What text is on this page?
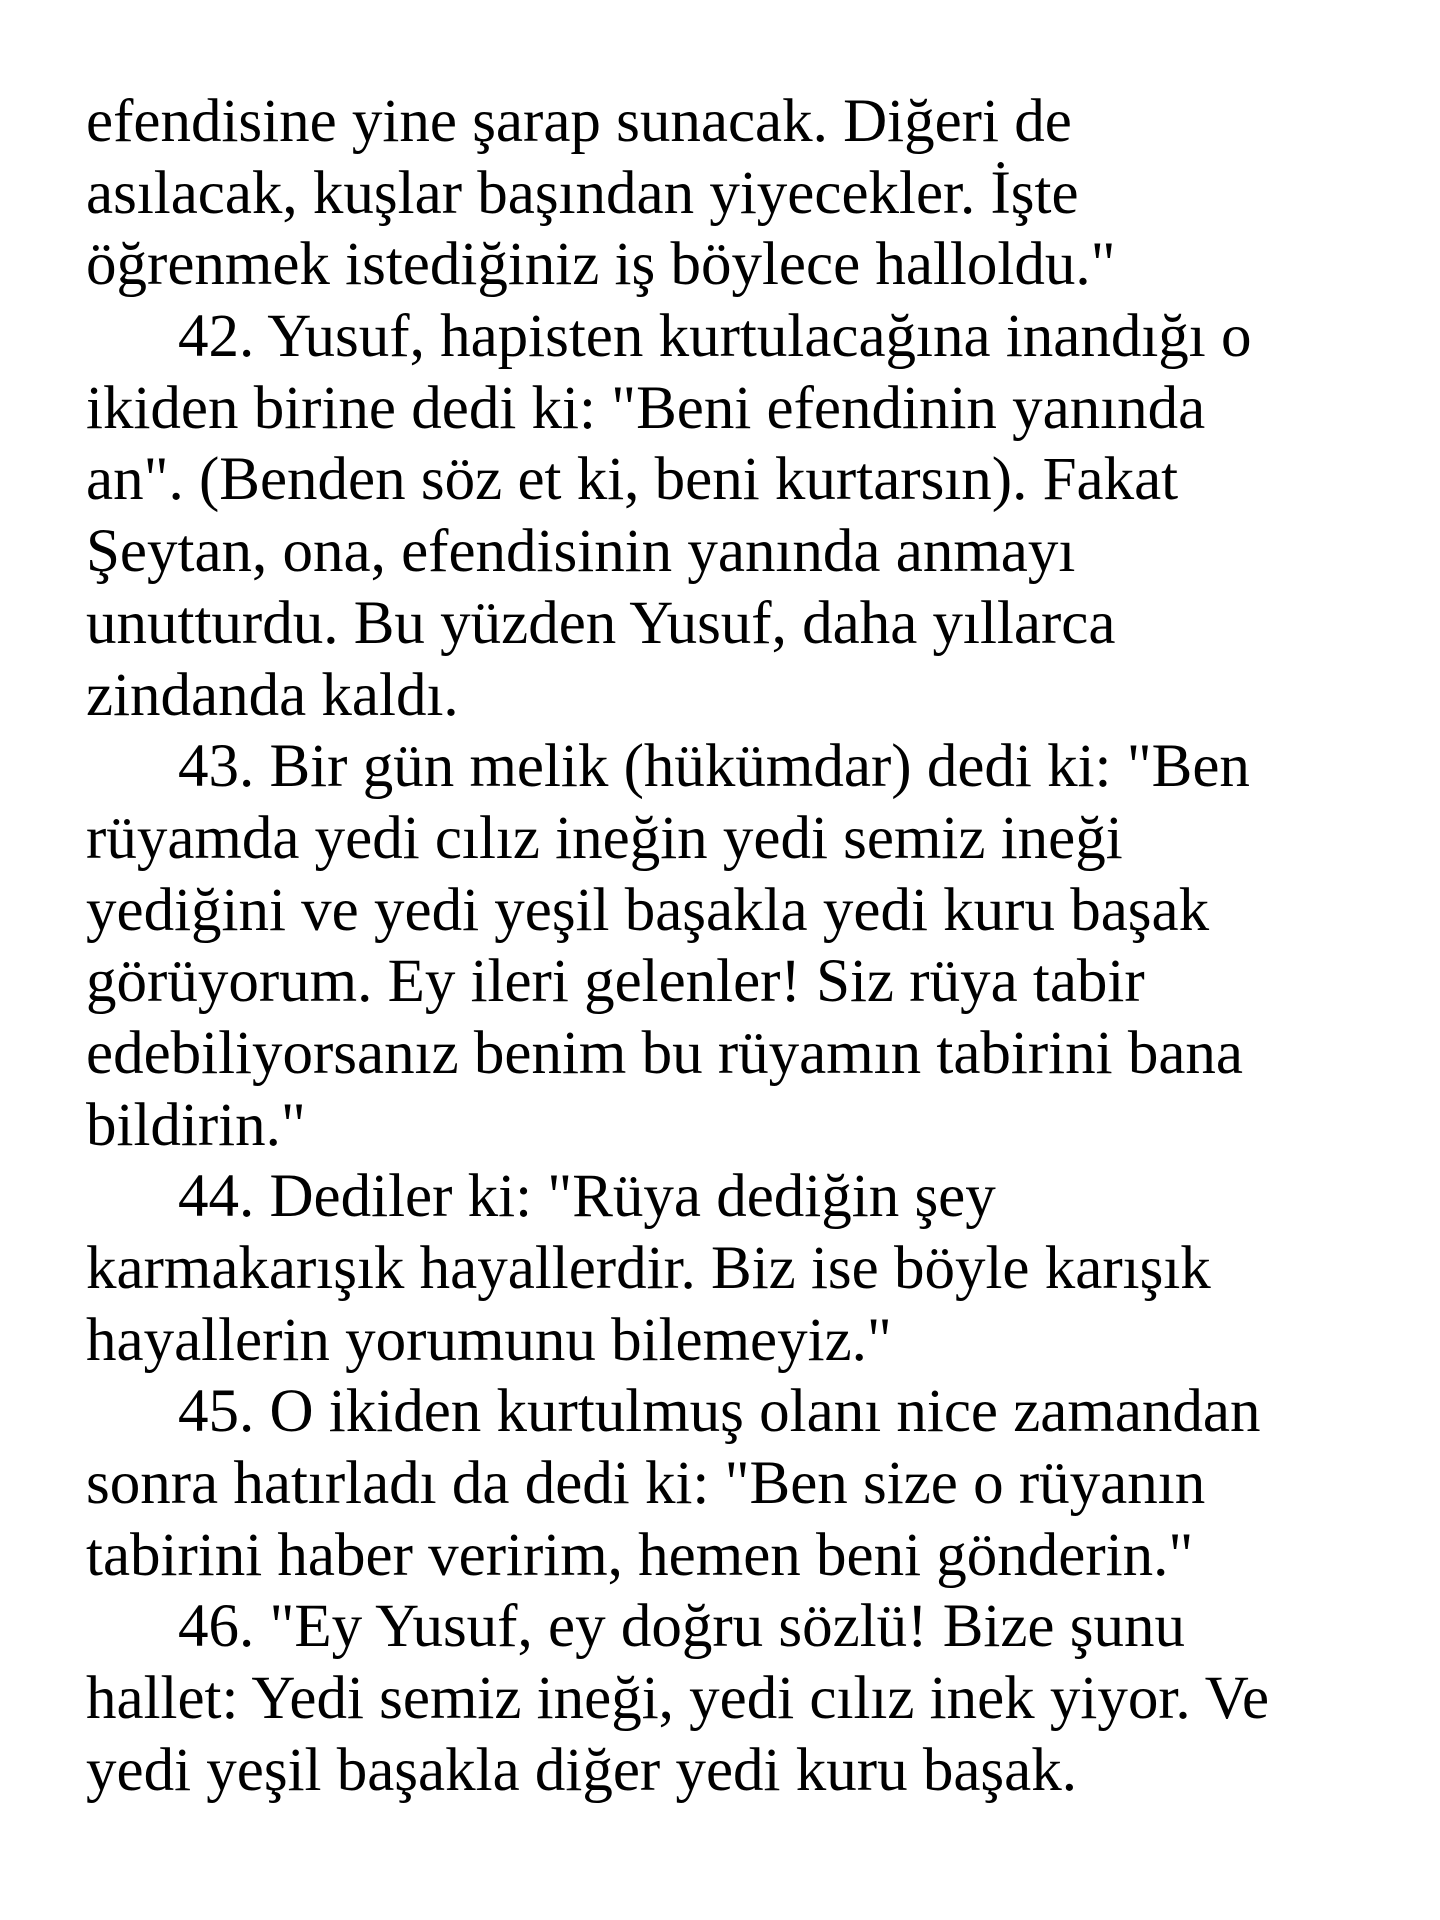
efendisine yine şarap sunacak. Diğeri de
asılacak, kuşlar başından yiyecekler. İşte
öğrenmek istediğiniz iş böylece halloldu."
42. Yusuf, hapisten kurtulacağına inandığı o
ikiden birine dedi ki: "Beni efendinin yanında
an". (Benden söz et ki, beni kurtarsın). Fakat
Şeytan, ona, efendisinin yanında anmayı
unutturdu. Bu yüzden Yusuf, daha yıllarca
zindanda kaldı.
43. Bir gün melik (hükümdar) dedi ki: "Ben
rüyamda yedi cılız ineğin yedi semiz ineği
yediğini ve yedi yeşil başakla yedi kuru başak
görüyorum. Ey ileri gelenler! Siz rüya tabir
edebiliyorsanız benim bu rüyamın tabirini bana
bildirin."
44. Dediler ki: "Rüya dediğin şey
karmakarışık hayallerdir. Biz ise böyle karışık
hayallerin yorumunu bilemeyiz."
45. O ikiden kurtulmuş olanı nice zamandan
sonra hatırladı da dedi ki: "Ben size o rüyanın
tabirini haber veririm, hemen beni gönderin."
46. "Ey Yusuf, ey doğru sözlü! Bize şunu
hallet: Yedi semiz ineği, yedi cılız inek yiyor. Ve
yedi yeşil başakla diğer yedi kuru başak.
